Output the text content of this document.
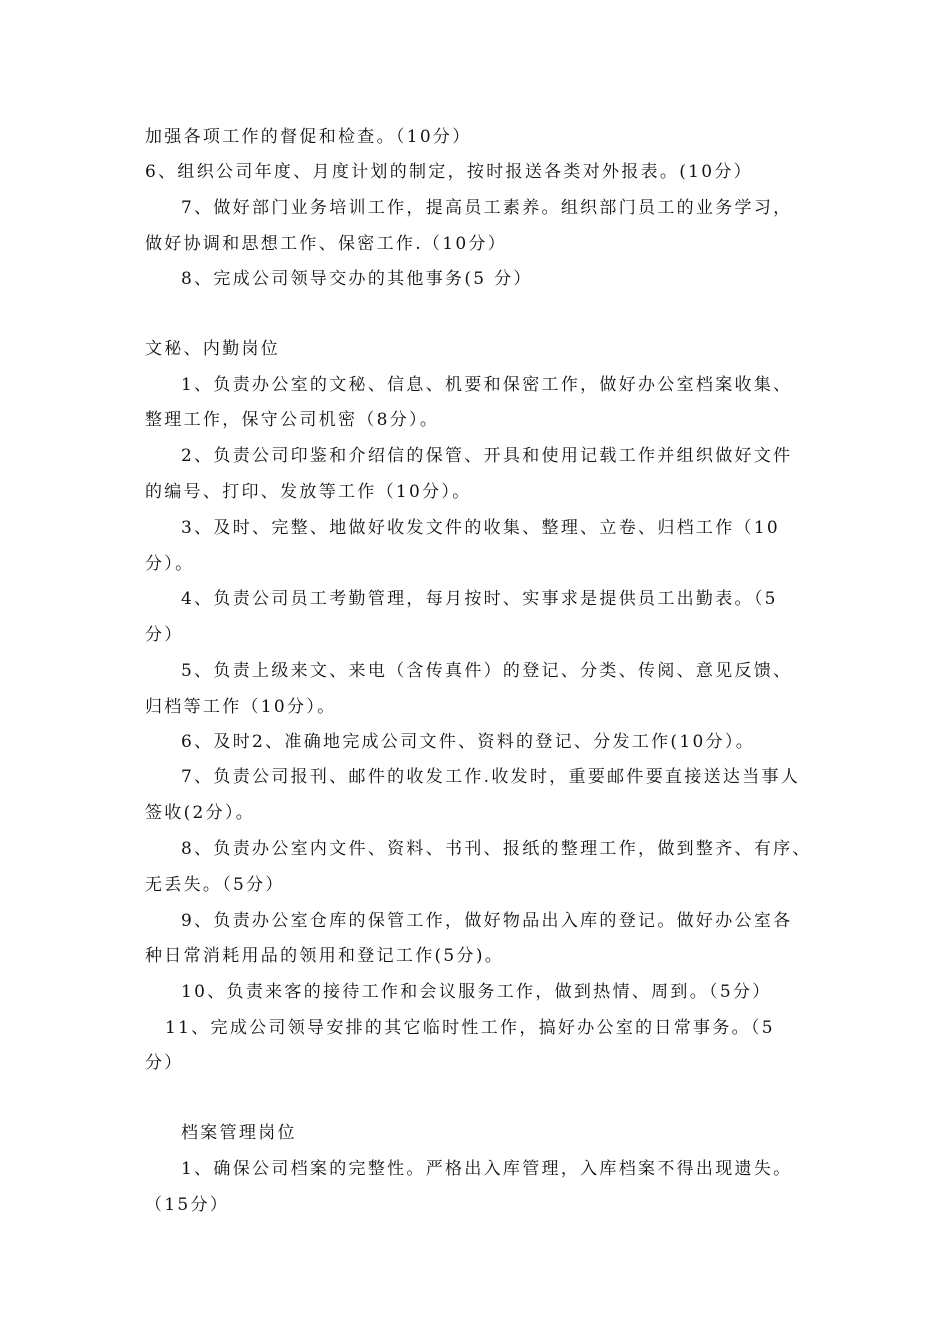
加强各项工作的督促和检查。（10分）
6、组织公司年度、月度计划的制定，按时报送各类对外报表。(10分）
7、做好部门业务培训工作，提高员工素养。组织部门员工的业务学习，
做好协调和思想工作、保密工作.（10分）
8、完成公司领导交办的其他事务(5 分）
文秘、内勤岗位
1、负责办公室的文秘、信息、机要和保密工作，做好办公室档案收集、
整理工作，保守公司机密（8分）。
2、负责公司印鉴和介绍信的保管、开具和使用记载工作并组织做好文件
的编号、打印、发放等工作（10分）。
3、及时、完整、地做好收发文件的收集、整理、立卷、归档工作（10
分）。
4、负责公司员工考勤管理，每月按时、实事求是提供员工出勤表。（5
分）
5、负责上级来文、来电（含传真件）的登记、分类、传阅、意见反馈、
归档等工作（10分）。
6、及时2、准确地完成公司文件、资料的登记、分发工作(10分）。
7、负责公司报刊、邮件的收发工作.收发时，重要邮件要直接送达当事人
签收(2分）。
8、负责办公室内文件、资料、书刊、报纸的整理工作，做到整齐、有序、
无丢失。（5分）
9、负责办公室仓库的保管工作，做好物品出入库的登记。做好办公室各
种日常消耗用品的领用和登记工作(5分)。
10、负责来客的接待工作和会议服务工作，做到热情、周到。（5分）
11、完成公司领导安排的其它临时性工作，搞好办公室的日常事务。（5
分）
档案管理岗位
1、确保公司档案的完整性。严格出入库管理，入库档案不得出现遗失。
（15分）
